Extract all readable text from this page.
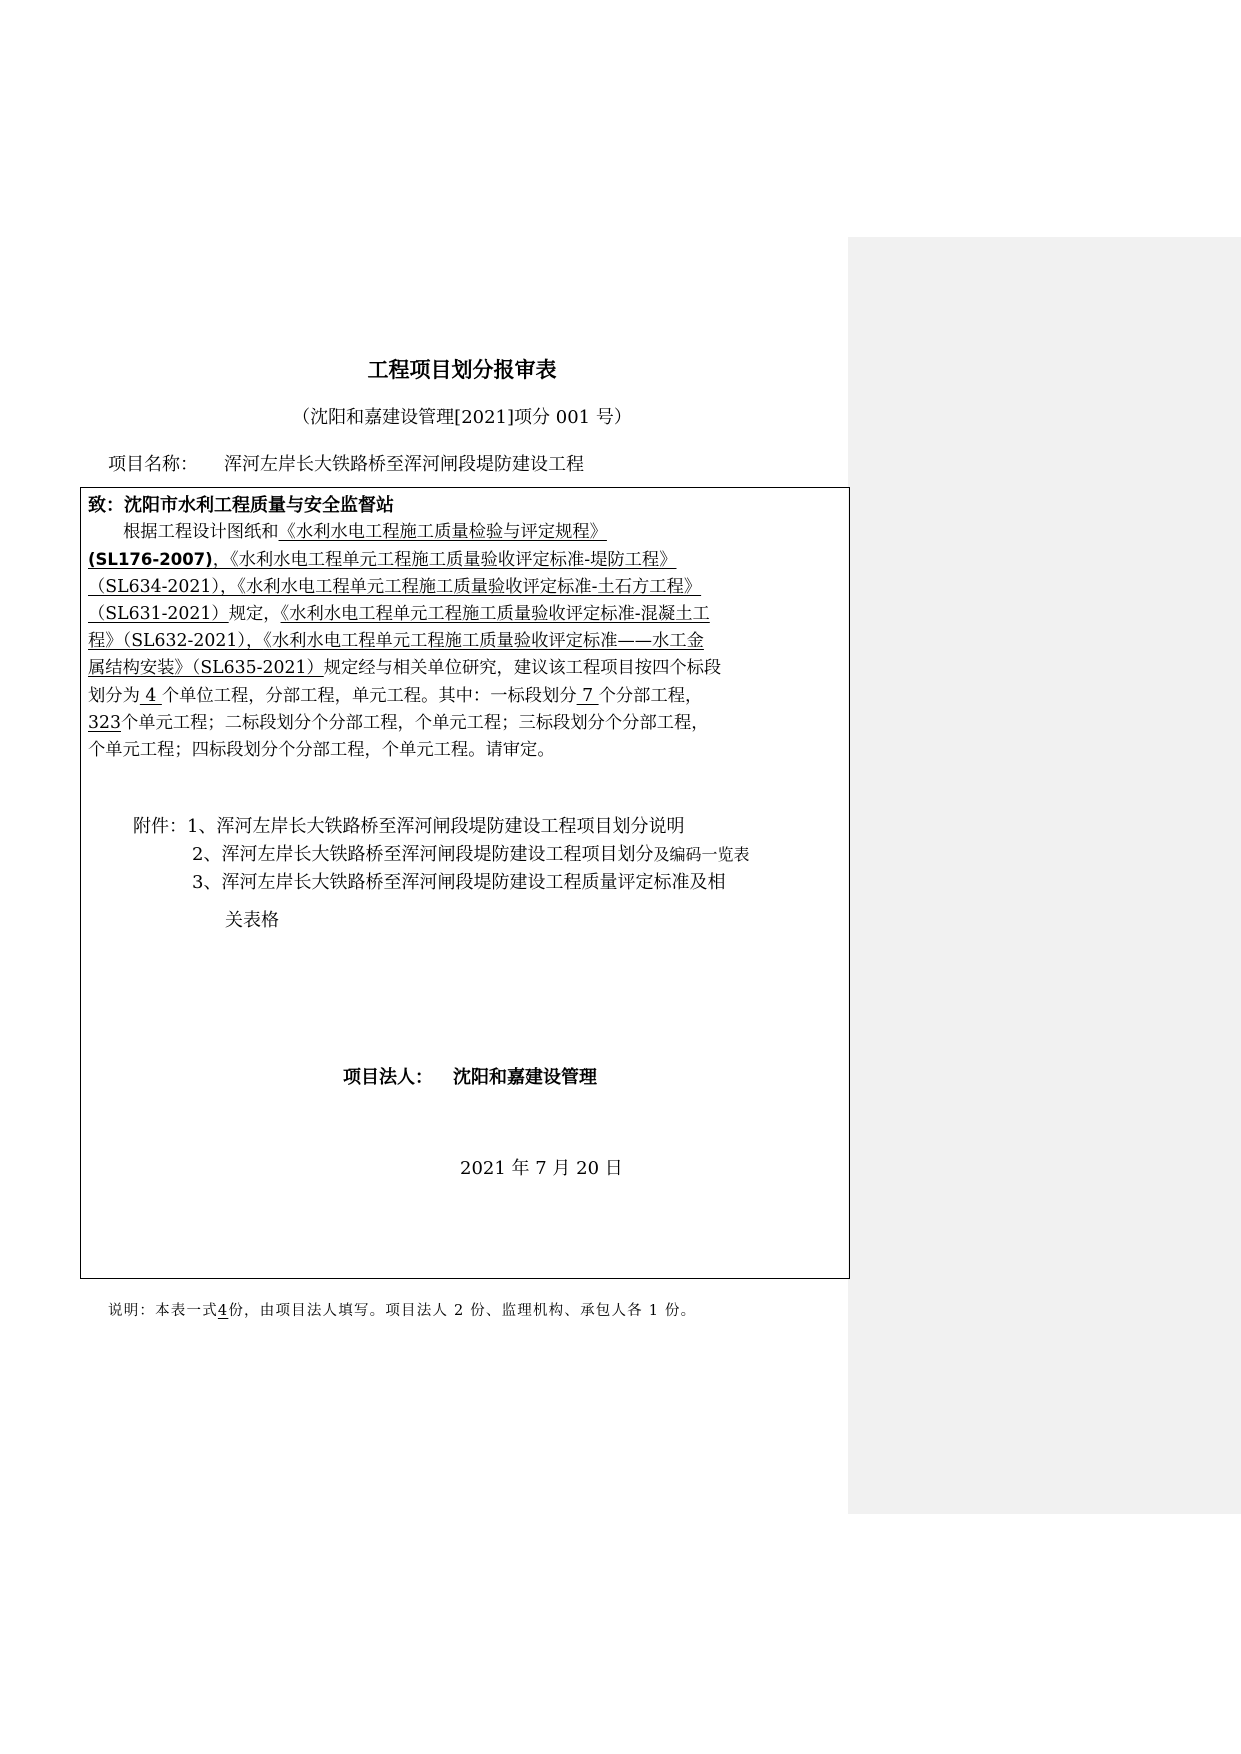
工程项目划分报审表
（沈阳和嘉建设管理[2021]项分 001 号）
项目名称： 浑河左岸长大铁路桥至浑河闸段堤防建设工程
致：沈阳市水利工程质量与安全监督站
根据工程设计图纸和《水利水电工程施工质量检验与评定规程》
(SL176-2007)，《水利水电工程单元工程施工质量验收评定标准-堤防工程》
（SL634-2021），《水利水电工程单元工程施工质量验收评定标准-土石方工程》
（SL631-2021）规定，《水利水电工程单元工程施工质量验收评定标准-混凝土工
程》（SL632-2021），《水利水电工程单元工程施工质量验收评定标准——水工金
属结构安装》（SL635-2021）规定经与相关单位研究，建议该工程项目按四个标段
划分为 4 个单位工程，分部工程，单元工程。其中：一标段划分 7 个分部工程，
323个单元工程；二标段划分个分部工程，个单元工程；三标段划分个分部工程，
个单元工程；四标段划分个分部工程，个单元工程。请审定。
附件：1、浑河左岸长大铁路桥至浑河闸段堤防建设工程项目划分说明
2、浑河左岸长大铁路桥至浑河闸段堤防建设工程项目划分及编码一览表
3、浑河左岸长大铁路桥至浑河闸段堤防建设工程质量评定标准及相
关表格
项目法人： 沈阳和嘉建设管理
2021 年 7 月 20 日
说明：本表一式4份，由项目法人填写。项目法人 2 份、监理机构、承包人各 1 份。
